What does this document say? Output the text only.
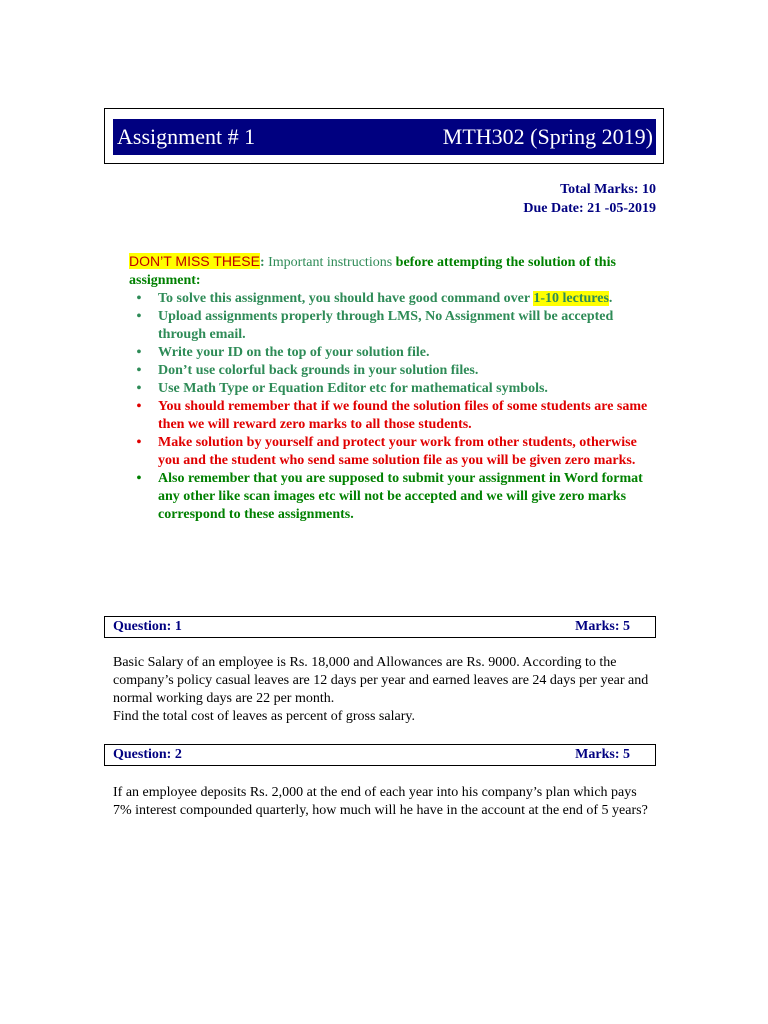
Assignment # 1	MTH302 (Spring 2019)
Total Marks: 10
Due Date: 21 -05-2019

DON’T MISS THESE: Important instructions before attempting the solution of this assignment:

•	To solve this assignment, you should have good command over 1-10 lectures.
•	Upload assignments properly through LMS, No Assignment will be accepted through email.
•	Write your ID on the top of your solution file.
•	Don’t use colorful back grounds in your solution files.
•	Use Math Type or Equation Editor etc for mathematical symbols.
•	You should remember that if we found the solution files of some students are same then we will reward zero marks to all those students.
•	Make solution by yourself and protect your work from other students, otherwise you and the student who send same solution file as you will be given zero marks.
•	Also remember that you are supposed to submit your assignment in Word format any other like scan images etc will not be accepted and we will give zero marks correspond to these assignments.
Question: 1	Marks: 5

Basic Salary of an employee is Rs. 18,000 and Allowances are Rs. 9000. According to the company’s policy casual leaves are 12 days per year and earned leaves are 24 days per year and normal working days are 22 per month.

Find the total cost of leaves as percent of gross salary.

Question: 2	Marks: 5

If an employee deposits Rs. 2,000 at the end of each year into his company’s plan which pays 7% interest compounded quarterly, how much will he have in the account at the end of 5 years?
